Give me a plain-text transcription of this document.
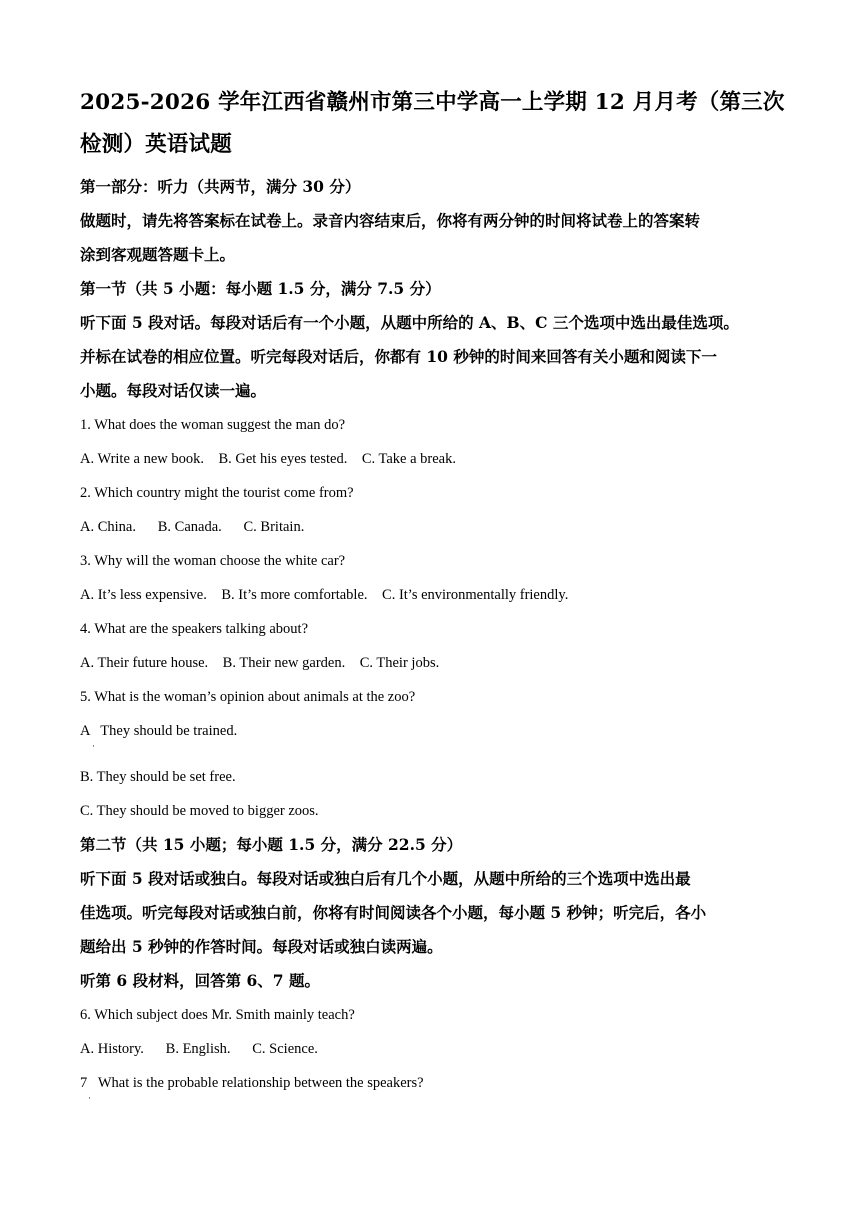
2025-2026 学年江西省赣州市第三中学高一上学期 12 月月考（第三次
检测）英语试题

第一部分：听力（共两节，满分 30 分）

做题时，请先将答案标在试卷上。录音内容结束后，你将有两分钟的时间将试卷上的答案转

涂到客观题答题卡上。

第一节（共 5 小题：每小题 1.5 分，满分 7.5 分）

听下面 5 段对话。每段对话后有一个小题，从题中所给的 A、B、C 三个选项中选出最佳选项。

并标在试卷的相应位置。听完每段对话后，你都有 10 秒钟的时间来回答有关小题和阅读下一

小题。每段对话仅读一遍。

1. What does the woman suggest the man do?

A. Write a new book.    B. Get his eyes tested.    C. Take a break.

2. Which country might the tourist come from?

A. China.      B. Canada.      C. Britain.

3. Why will the woman choose the white car?

A. It’s less expensive.    B. It’s more comfortable.    C. It’s environmentally friendly.

4. What are the speakers talking about?

A. Their future house.    B. Their new garden.    C. Their jobs.

5. What is the woman’s opinion about animals at the zoo?

A   They should be trained.

·

B. They should be set free.

C. They should be moved to bigger zoos.

第二节（共 15 小题；每小题 1.5 分，满分 22.5 分）

听下面 5 段对话或独白。每段对话或独白后有几个小题，从题中所给的三个选项中选出最

佳选项。听完每段对话或独白前，你将有时间阅读各个小题，每小题 5 秒钟；听完后，各小

题给出 5 秒钟的作答时间。每段对话或独白读两遍。

听第 6 段材料，回答第 6、7 题。

6. Which subject does Mr. Smith mainly teach?

A. History.      B. English.      C. Science.

7   What is the probable relationship between the speakers?

·
